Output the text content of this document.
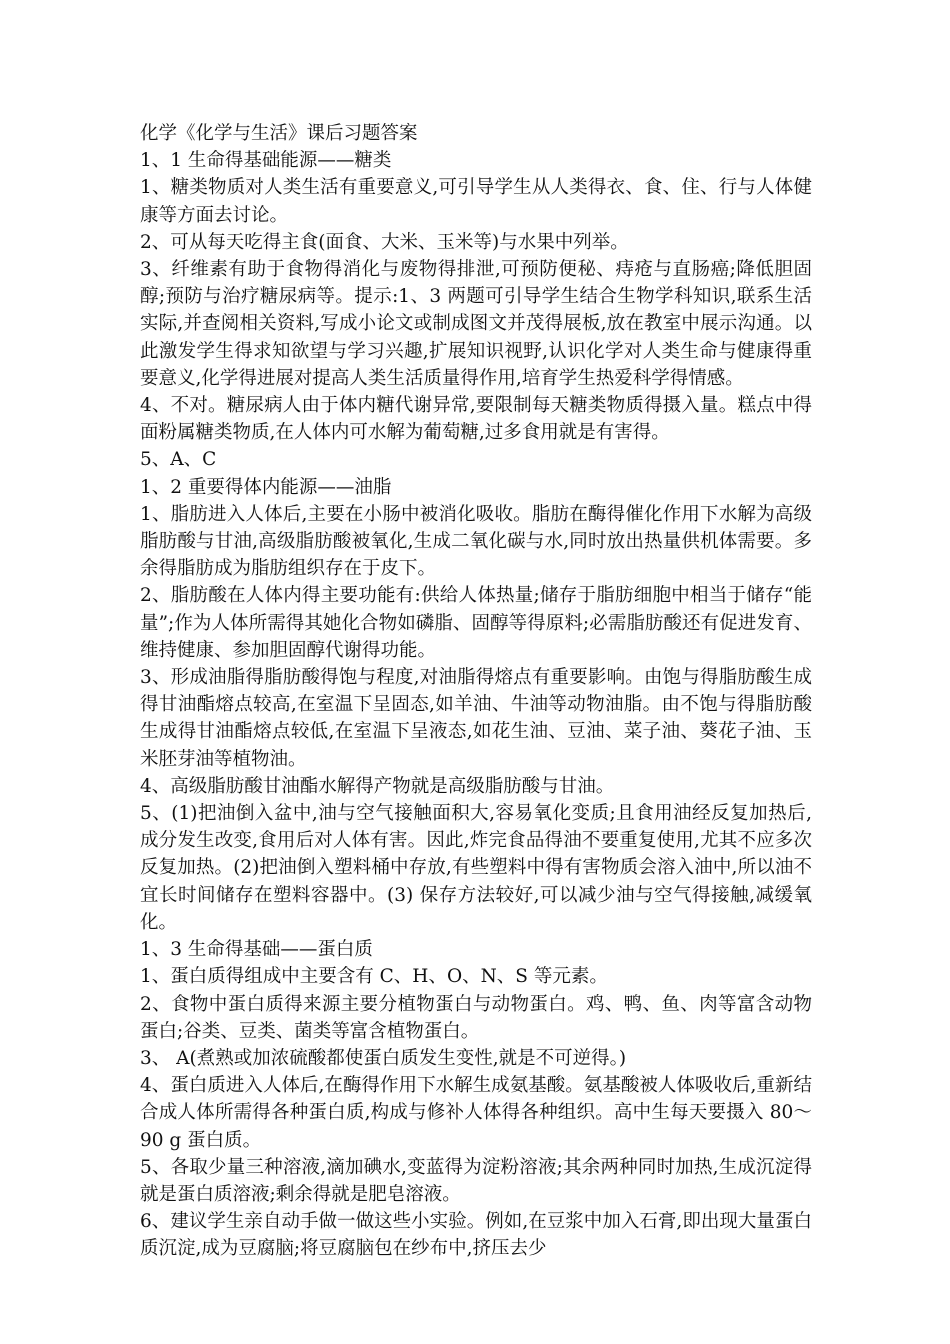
化学《化学与生活》课后习题答案

1、1 生命得基础能源——糖类

1、糖类物质对人类生活有重要意义,可引导学生从人类得衣、食、住、行与人体健康等方面去讨论。

2、可从每天吃得主食(面食、大米、玉米等)与水果中列举。

3、纤维素有助于食物得消化与废物得排泄,可预防便秘、痔疮与直肠癌;降低胆固醇;预防与治疗糖尿病等。提示:1、3 两题可引导学生结合生物学科知识,联系生活实际,并查阅相关资料,写成小论文或制成图文并茂得展板,放在教室中展示沟通。以此激发学生得求知欲望与学习兴趣,扩展知识视野,认识化学对人类生命与健康得重要意义,化学得进展对提高人类生活质量得作用,培育学生热爱科学得情感。

4、不对。糖尿病人由于体内糖代谢异常,要限制每天糖类物质得摄入量。糕点中得面粉属糖类物质,在人体内可水解为葡萄糖,过多食用就是有害得。

5、A、C

1、2 重要得体内能源——油脂

1、脂肪进入人体后,主要在小肠中被消化吸收。脂肪在酶得催化作用下水解为高级脂肪酸与甘油,高级脂肪酸被氧化,生成二氧化碳与水,同时放出热量供机体需要。多余得脂肪成为脂肪组织存在于皮下。

2、脂肪酸在人体内得主要功能有:供给人体热量;储存于脂肪细胞中相当于储存“能量”;作为人体所需得其她化合物如磷脂、固醇等得原料;必需脂肪酸还有促进发育、维持健康、参加胆固醇代谢得功能。

3、形成油脂得脂肪酸得饱与程度,对油脂得熔点有重要影响。由饱与得脂肪酸生成得甘油酯熔点较高,在室温下呈固态,如羊油、牛油等动物油脂。由不饱与得脂肪酸生成得甘油酯熔点较低,在室温下呈液态,如花生油、豆油、菜子油、葵花子油、玉米胚芽油等植物油。

4、高级脂肪酸甘油酯水解得产物就是高级脂肪酸与甘油。

5、(1)把油倒入盆中,油与空气接触面积大,容易氧化变质;且食用油经反复加热后,成分发生改变,食用后对人体有害。因此,炸完食品得油不要重复使用,尤其不应多次反复加热。(2)把油倒入塑料桶中存放,有些塑料中得有害物质会溶入油中,所以油不宜长时间储存在塑料容器中。(3) 保存方法较好,可以减少油与空气得接触,减缓氧化。

1、3 生命得基础——蛋白质

1、蛋白质得组成中主要含有 C、H、O、N、S 等元素。

2、食物中蛋白质得来源主要分植物蛋白与动物蛋白。鸡、鸭、鱼、肉等富含动物蛋白;谷类、豆类、菌类等富含植物蛋白。

3、 A(煮熟或加浓硫酸都使蛋白质发生变性,就是不可逆得。)

4、蛋白质进入人体后,在酶得作用下水解生成氨基酸。氨基酸被人体吸收后,重新结合成人体所需得各种蛋白质,构成与修补人体得各种组织。高中生每天要摄入 80～90 g 蛋白质。

5、各取少量三种溶液,滴加碘水,变蓝得为淀粉溶液;其余两种同时加热,生成沉淀得就是蛋白质溶液;剩余得就是肥皂溶液。

6、建议学生亲自动手做一做这些小实验。例如,在豆浆中加入石膏,即出现大量蛋白质沉淀,成为豆腐脑;将豆腐脑包在纱布中,挤压去少
